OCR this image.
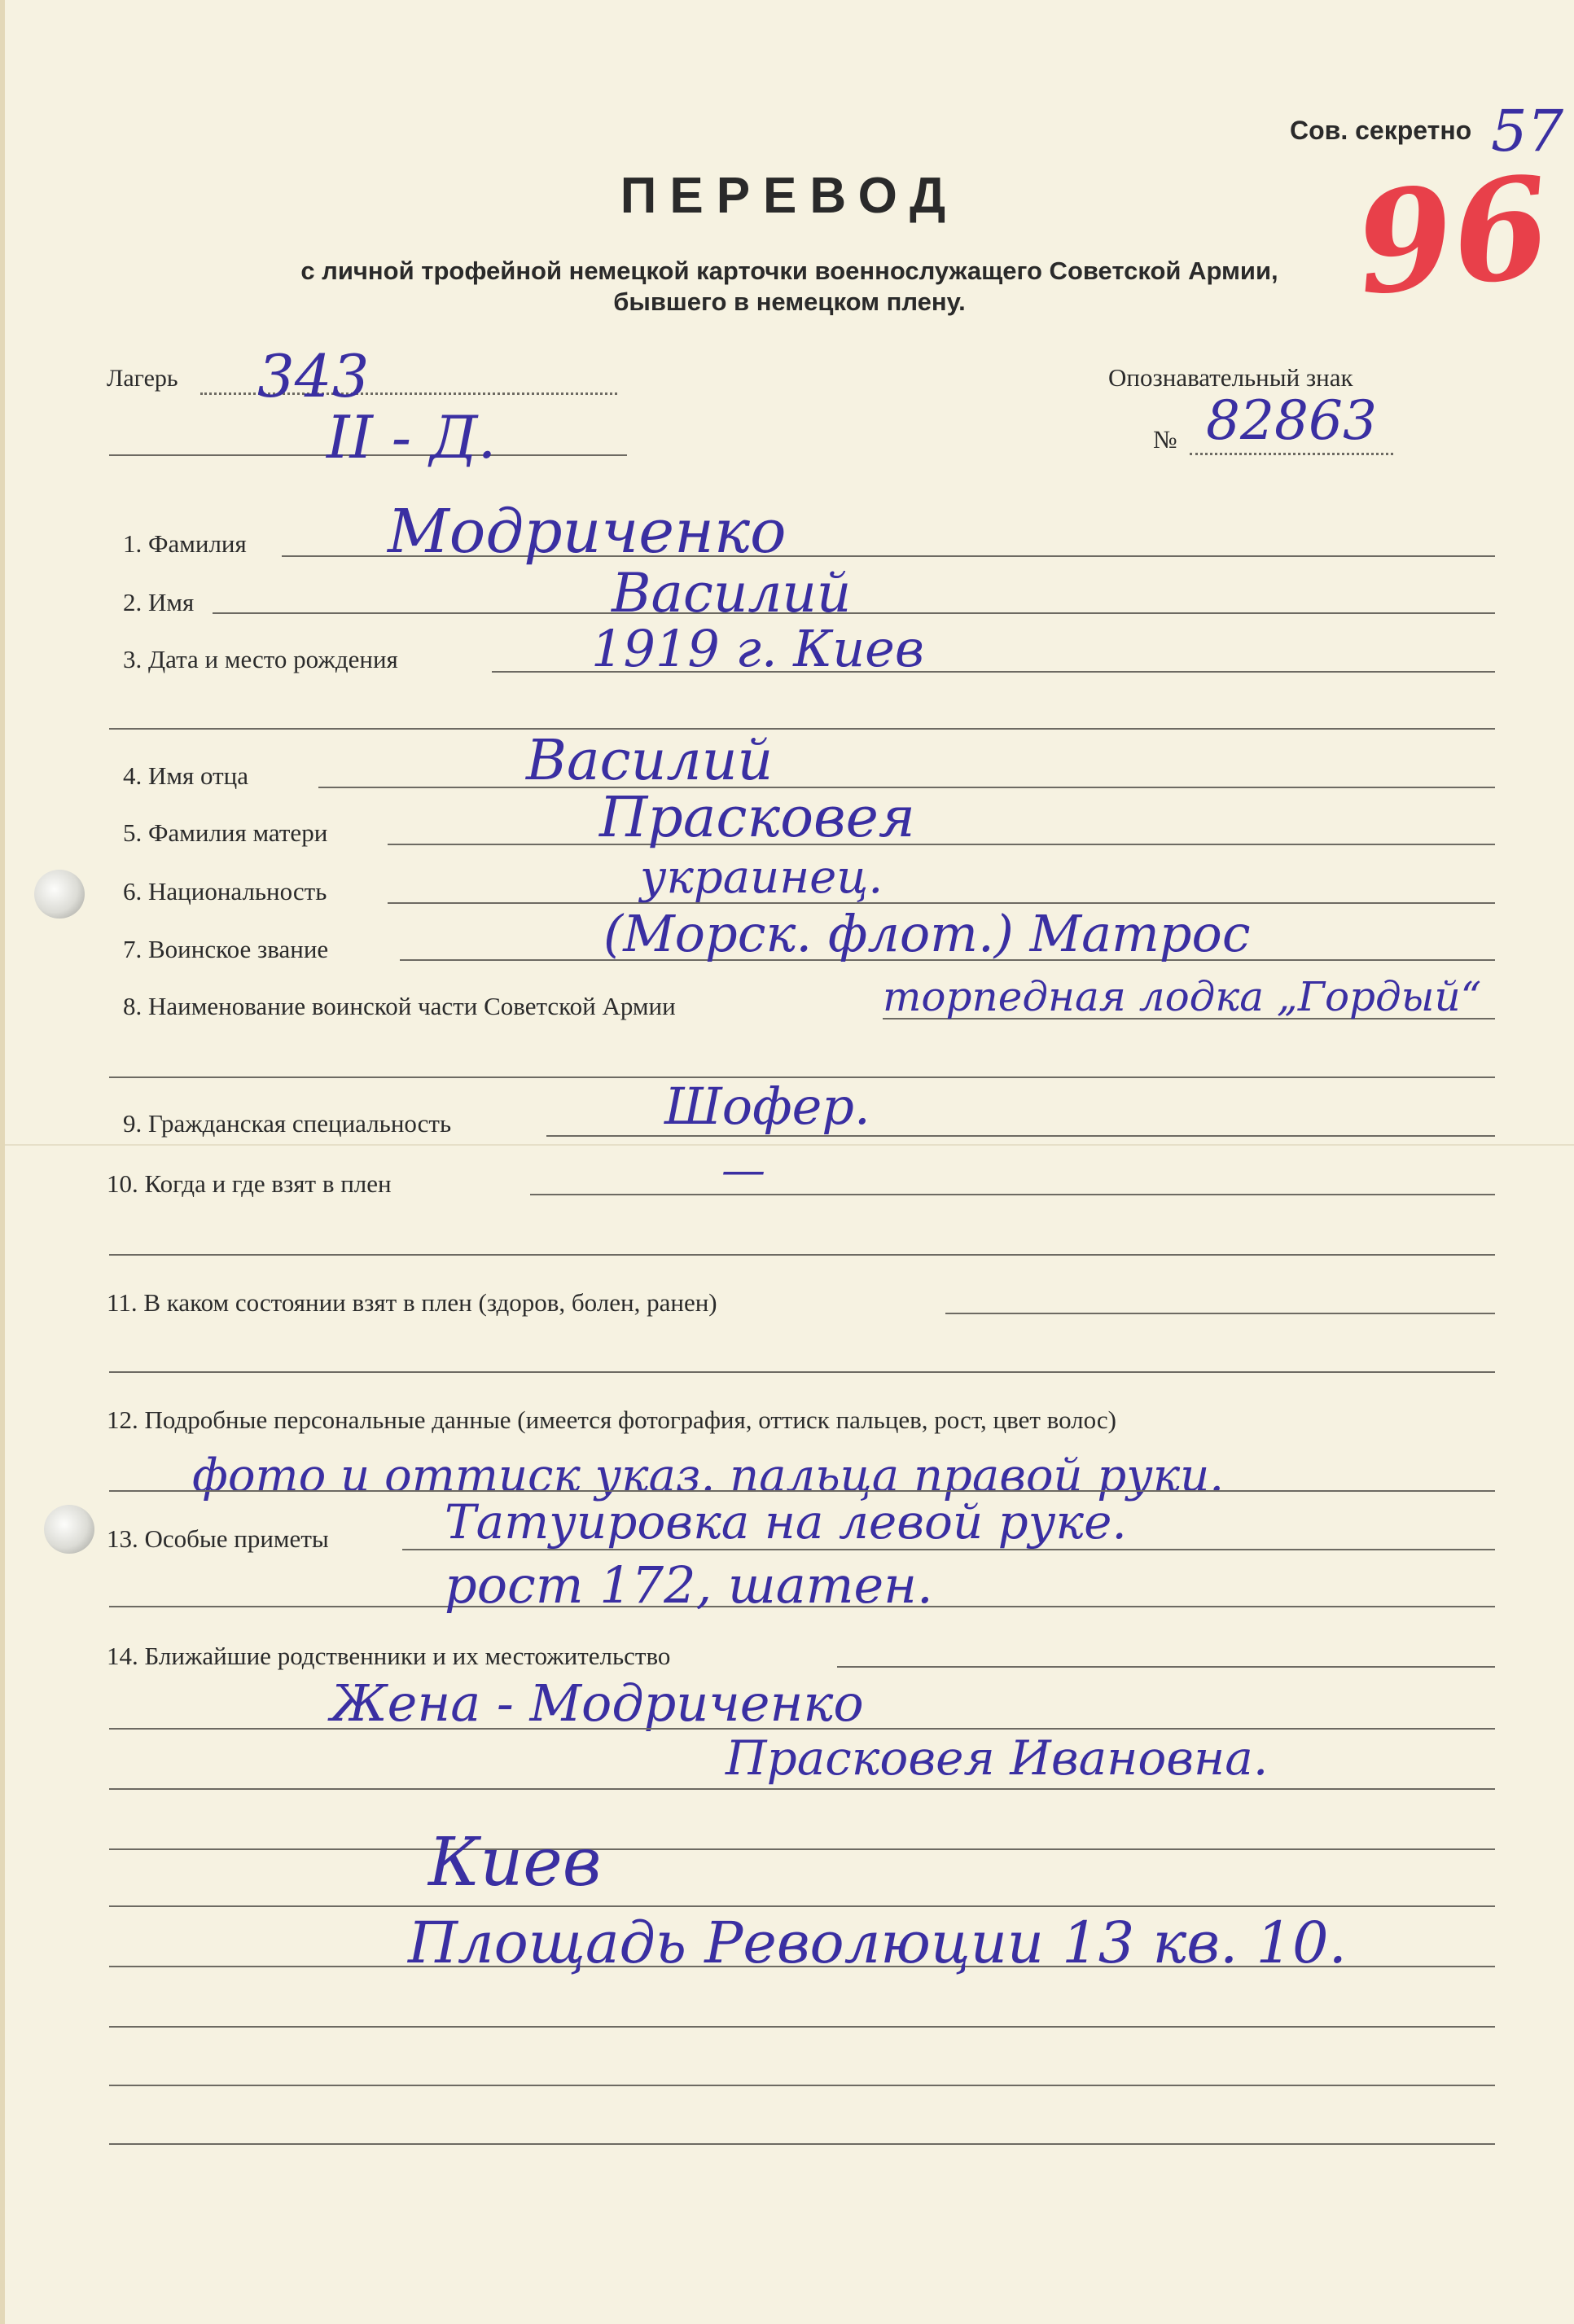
Сов. секретно 57
96
ПЕРЕВОД
с личной трофейной немецкой карточки военнослужащего Советской Армии,
бывшего в немецком плену.
Лагерь 343
II - Д.
Опознавательный знак
№ 82863
1. Фамилия Модриченко
2. Имя	Василий
3. Дата и место рождения	1919 г. Киев
4. Имя отца	Василий
5. Фамилия матери	Прасковея
6. Национальность	украинец.
7. Воинское звание	(Морск. флот.) Матрос
8. Наименование воинской части Советской Армии	торпедная лодка „Гордый“
9. Гражданская специальность	Шофер.
10. Когда и где взят в плен	—
11. В каком состоянии взят в плен (здоров, болен, ранен)
12. Подробные персональные данные (имеется фотография, оттиск пальцев, рост, цвет волос)
фото и оттиск указ. пальца правой руки.
13. Особые приметы Татуировка на левой руке.
рост 172, шатен.
14. Ближайшие родственники и их местожительство
Жена - Модриченко
Прасковея Ивановна.
Киев
Площадь Революции 13 кв. 10.
